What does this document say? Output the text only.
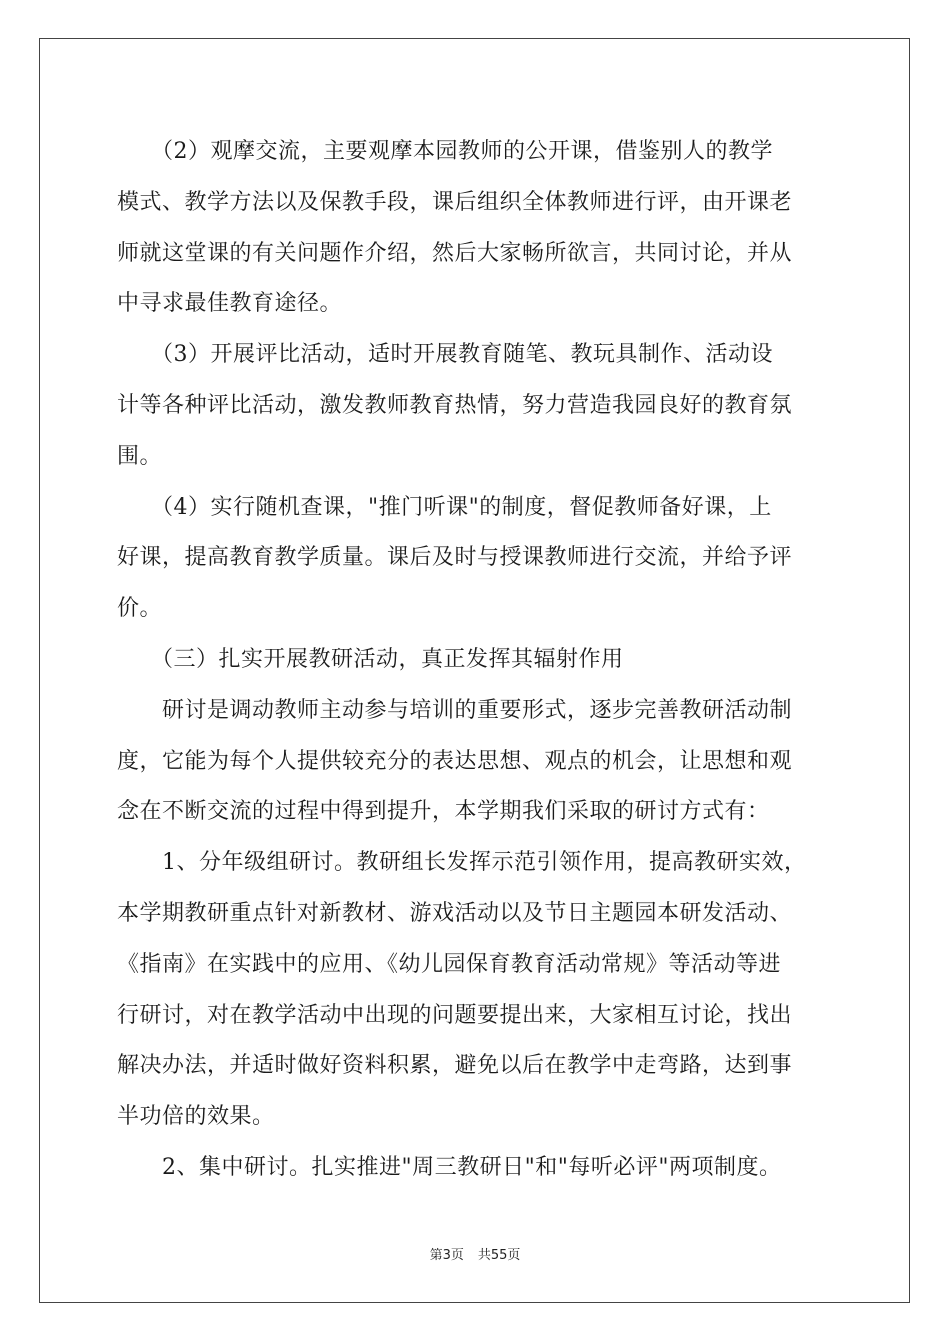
　　（2）观摩交流，主要观摩本园教师的公开课，借鉴别人的教学
模式、教学方法以及保教手段，课后组织全体教师进行评，由开课老
师就这堂课的有关问题作介绍，然后大家畅所欲言，共同讨论，并从
中寻求最佳教育途径。
　　（3）开展评比活动，适时开展教育随笔、教玩具制作、活动设
计等各种评比活动，激发教师教育热情，努力营造我园良好的教育氛
围。
　　（4）实行随机查课，"推门听课"的制度，督促教师备好课，上
好课，提高教育教学质量。课后及时与授课教师进行交流，并给予评
价。
　　（三）扎实开展教研活动，真正发挥其辐射作用
　　研讨是调动教师主动参与培训的重要形式，逐步完善教研活动制
度，它能为每个人提供较充分的表达思想、观点的机会，让思想和观
念在不断交流的过程中得到提升，本学期我们采取的研讨方式有：
　　1、分年级组研讨。教研组长发挥示范引领作用，提高教研实效，
本学期教研重点针对新教材、游戏活动以及节日主题园本研发活动、
《指南》在实践中的应用、《幼儿园保育教育活动常规》等活动等进
行研讨，对在教学活动中出现的问题要提出来，大家相互讨论，找出
解决办法，并适时做好资料积累，避免以后在教学中走弯路，达到事
半功倍的效果。
　　2、集中研讨。扎实推进"周三教研日"和"每听必评"两项制度。
第3页 共55页
